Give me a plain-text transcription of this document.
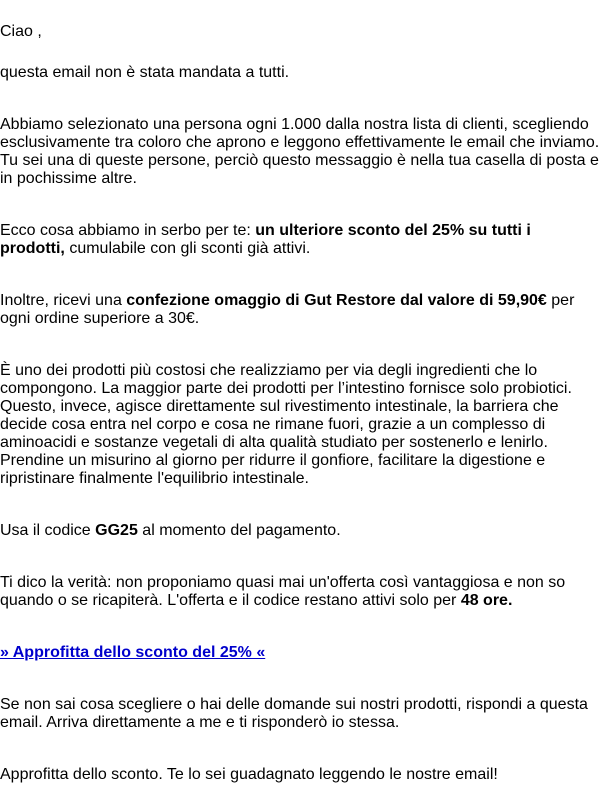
Ciao ,

questa email non è stata mandata a tutti.

Abbiamo selezionato una persona ogni 1.000 dalla nostra lista di clienti, scegliendo esclusivamente tra coloro che aprono e leggono effettivamente le email che inviamo. Tu sei una di queste persone, perciò questo messaggio è nella tua casella di posta e in pochissime altre.

Ecco cosa abbiamo in serbo per te: un ulteriore sconto del 25% su tutti i prodotti, cumulabile con gli sconti già attivi.

Inoltre, ricevi una confezione omaggio di Gut Restore dal valore di 59,90€ per ogni ordine superiore a 30€.

È uno dei prodotti più costosi che realizziamo per via degli ingredienti che lo compongono. La maggior parte dei prodotti per l’intestino fornisce solo probiotici. Questo, invece, agisce direttamente sul rivestimento intestinale, la barriera che decide cosa entra nel corpo e cosa ne rimane fuori, grazie a un complesso di aminoacidi e sostanze vegetali di alta qualità studiato per sostenerlo e lenirlo. Prendine un misurino al giorno per ridurre il gonfiore, facilitare la digestione e ripristinare finalmente l'equilibrio intestinale.

Usa il codice GG25 al momento del pagamento.

Ti dico la verità: non proponiamo quasi mai un'offerta così vantaggiosa e non so quando o se ricapiterà. L'offerta e il codice restano attivi solo per 48 ore.

» Approfitta dello sconto del 25% «

Se non sai cosa scegliere o hai delle domande sui nostri prodotti, rispondi a questa email. Arriva direttamente a me e ti risponderò io stessa.

Approfitta dello sconto. Te lo sei guadagnato leggendo le nostre email!
